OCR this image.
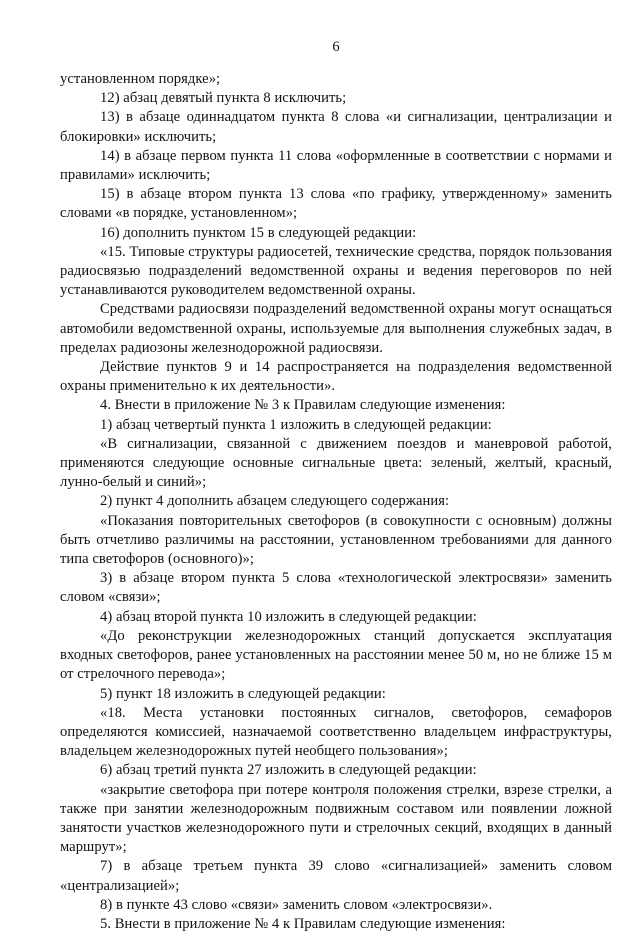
6

установленном порядке»;

12) абзац девятый пункта 8 исключить;

13) в абзаце одиннадцатом пункта 8 слова «и сигнализации, централизации и блокировки» исключить;

14) в абзаце первом пункта 11 слова «оформленные в соответствии с нормами и правилами» исключить;

15) в абзаце втором пункта 13 слова «по графику, утвержденному» заменить словами «в порядке, установленном»;

16) дополнить пунктом 15 в следующей редакции:

«15. Типовые структуры радиосетей, технические средства, порядок пользования радиосвязью подразделений ведомственной охраны и ведения переговоров по ней устанавливаются руководителем ведомственной охраны.

Средствами радиосвязи подразделений ведомственной охраны могут оснащаться автомобили ведомственной охраны, используемые для выполнения служебных задач, в пределах радиозоны железнодорожной радиосвязи.

Действие пунктов 9 и 14 распространяется на подразделения ведомственной охраны применительно к их деятельности».

4. Внести в приложение № 3 к Правилам следующие изменения:

1) абзац четвертый пункта 1 изложить в следующей редакции:

«В сигнализации, связанной с движением поездов и маневровой работой, применяются следующие основные сигнальные цвета: зеленый, желтый, красный, лунно-белый и синий»;

2) пункт 4 дополнить абзацем следующего содержания:

«Показания повторительных светофоров (в совокупности с основным) должны быть отчетливо различимы на расстоянии, установленном требованиями для данного типа светофоров (основного)»;

3) в абзаце втором пункта 5 слова «технологической электросвязи» заменить словом «связи»;

4) абзац второй пункта 10 изложить в следующей редакции:

«До реконструкции железнодорожных станций допускается эксплуатация входных светофоров, ранее установленных на расстоянии менее 50 м, но не ближе 15 м от стрелочного перевода»;

5) пункт 18 изложить в следующей редакции:

«18. Места установки постоянных сигналов, светофоров, семафоров определяются комиссией, назначаемой соответственно владельцем инфраструктуры, владельцем железнодорожных путей необщего пользования»;

6) абзац третий пункта 27 изложить в следующей редакции:

«закрытие светофора при потере контроля положения стрелки, взрезе стрелки, а также при занятии железнодорожным подвижным составом или появлении ложной занятости участков железнодорожного пути и стрелочных секций, входящих в данный маршрут»;

7) в абзаце третьем пункта 39 слово «сигнализацией» заменить словом «централизацией»;

8) в пункте 43 слово «связи» заменить словом «электросвязи».

5. Внести в приложение № 4 к Правилам следующие изменения:
